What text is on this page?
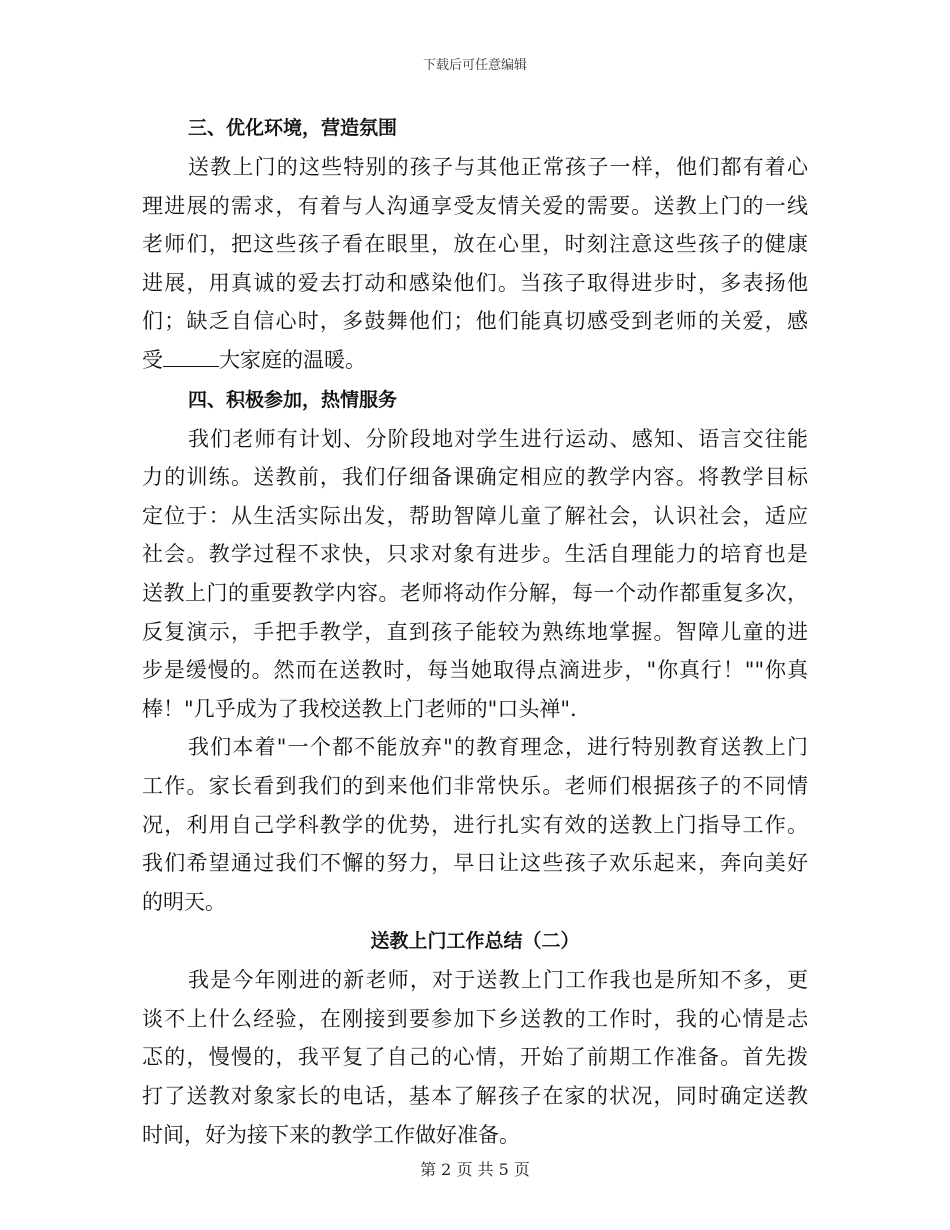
下载后可任意编辑
三、优化环境，营造氛围
送教上门的这些特别的孩子与其他正常孩子一样，他们都有着心
理进展的需求，有着与人沟通享受友情关爱的需要。送教上门的一线
老师们，把这些孩子看在眼里，放在心里，时刻注意这些孩子的健康
进展，用真诚的爱去打动和感染他们。当孩子取得进步时，多表扬他
们；缺乏自信心时，多鼓舞他们；他们能真切感受到老师的关爱，感
受	大家庭的温暖。
四、积极参加，热情服务
我们老师有计划、分阶段地对学生进行运动、感知、语言交往能
力的训练。送教前，我们仔细备课确定相应的教学内容。将教学目标
定位于：从生活实际出发，帮助智障儿童了解社会，认识社会，适应
社会。教学过程不求快，只求对象有进步。生活自理能力的培育也是
送教上门的重要教学内容。老师将动作分解，每一个动作都重复多次，
反复演示，手把手教学，直到孩子能较为熟练地掌握。智障儿童的进
步是缓慢的。然而在送教时，每当她取得点滴进步，"你真行！""你真
棒！"几乎成为了我校送教上门老师的"口头禅".
我们本着"一个都不能放弃"的教育理念，进行特别教育送教上门
工作。家长看到我们的到来他们非常快乐。老师们根据孩子的不同情
况，利用自己学科教学的优势，进行扎实有效的送教上门指导工作。
我们希望通过我们不懈的努力，早日让这些孩子欢乐起来，奔向美好
的明天。
送教上门工作总结（二）
我是今年刚进的新老师，对于送教上门工作我也是所知不多，更
谈不上什么经验，在刚接到要参加下乡送教的工作时，我的心情是忐
忑的，慢慢的，我平复了自己的心情，开始了前期工作准备。首先拨
打了送教对象家长的电话，基本了解孩子在家的状况，同时确定送教
时间，好为接下来的教学工作做好准备。
第 2 页 共 5 页
